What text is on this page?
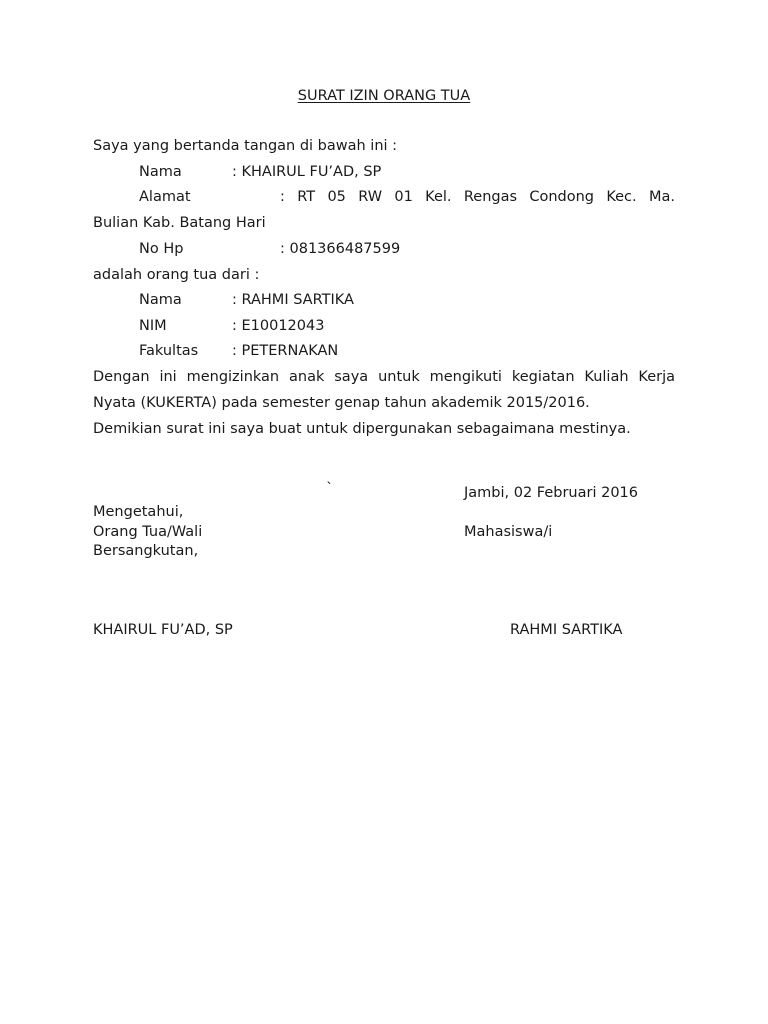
SURAT IZIN ORANG TUA
Saya yang bertanda tangan di bawah ini :
Nama	: KHAIRUL FU’AD, SP
Alamat	: RT 05 RW 01 Kel. Rengas Condong Kec. Ma.
Bulian Kab. Batang Hari
No Hp	: 081366487599
adalah orang tua dari :
Nama	: RAHMI SARTIKA
NIM	: E10012043
Fakultas : PETERNAKAN
Dengan ini mengizinkan anak saya untuk mengikuti kegiatan Kuliah Kerja
Nyata (KUKERTA) pada semester genap tahun akademik 2015/2016.
Demikian surat ini saya buat untuk dipergunakan sebagaimana mestinya.
`	Jambi, 02 Februari 2016
Mengetahui,
Orang Tua/Wali	Mahasiswa/i
Bersangkutan,
KHAIRUL FU’AD, SP	RAHMI SARTIKA
